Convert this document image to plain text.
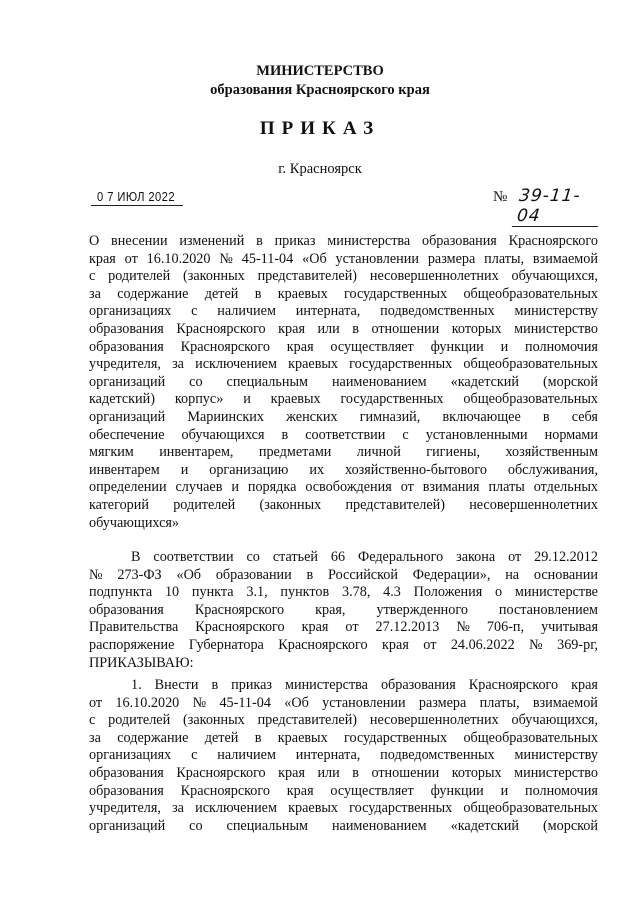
МИНИСТЕРСТВО
образования Красноярского края
ПРИКАЗ
г. Красноярск
0 7 ИЮЛ 2022	№ 39-11-04
О внесении изменений в приказ министерства образования Красноярского
края от 16.10.2020 № 45-11-04 «Об установлении размера платы, взимаемой
с родителей (законных представителей) несовершеннолетних обучающихся,
за содержание детей в краевых государственных общеобразовательных
организациях с наличием интерната, подведомственных министерству
образования Красноярского края или в отношении которых министерство
образования Красноярского края осуществляет функции и полномочия
учредителя, за исключением краевых государственных общеобразовательных
организаций со специальным наименованием «кадетский (морской
кадетский) корпус» и краевых государственных общеобразовательных
организаций Мариинских женских гимназий, включающее в себя
обеспечение обучающихся в соответствии с установленными нормами
мягким инвентарем, предметами личной гигиены, хозяйственным
инвентарем и организацию их хозяйственно-бытового обслуживания,
определении случаев и порядка освобождения от взимания платы отдельных
категорий родителей (законных представителей) несовершеннолетних
обучающихся»
В соответствии со статьей 66 Федерального закона от 29.12.2012
№ 273-ФЗ «Об образовании в Российской Федерации», на основании
подпункта 10 пункта 3.1, пунктов 3.78, 4.3 Положения о министерстве
образования Красноярского края, утвержденного постановлением
Правительства Красноярского края от 27.12.2013 № 706-п, учитывая
распоряжение Губернатора Красноярского края от 24.06.2022 № 369-рг,
ПРИКАЗЫВАЮ:
1. Внести в приказ министерства образования Красноярского края
от 16.10.2020 № 45-11-04 «Об установлении размера платы, взимаемой
с родителей (законных представителей) несовершеннолетних обучающихся,
за содержание детей в краевых государственных общеобразовательных
организациях с наличием интерната, подведомственных министерству
образования Красноярского края или в отношении которых министерство
образования Красноярского края осуществляет функции и полномочия
учредителя, за исключением краевых государственных общеобразовательных
организаций со специальным наименованием «кадетский (морской
